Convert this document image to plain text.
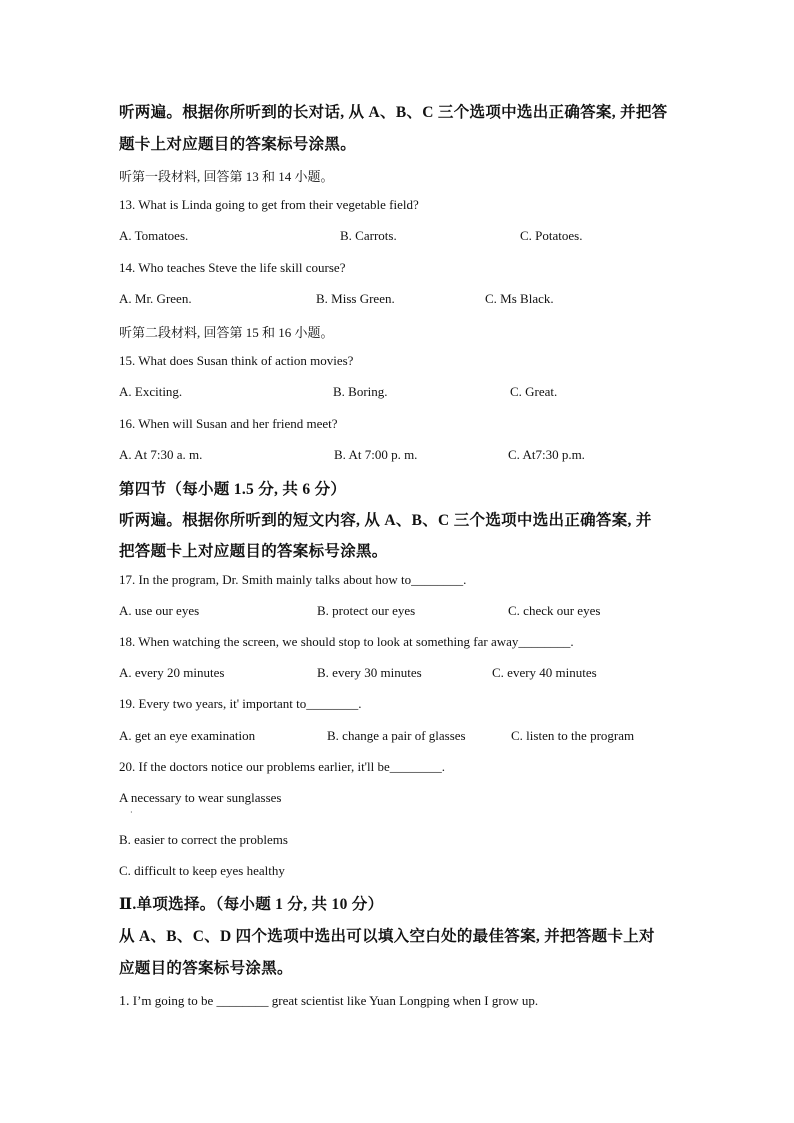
听两遍。根据你所听到的长对话, 从 A、B、C 三个选项中选出正确答案, 并把答
题卡上对应题目的答案标号涂黑。
听第一段材料, 回答第 13 和 14 小题。
13. What is Linda going to get from their vegetable field?
A. Tomatoes.	B. Carrots.	C. Potatoes.
14. Who teaches Steve the life skill course?
A. Mr. Green.	B. Miss Green.	C. Ms Black.
听第二段材料, 回答第 15 和 16 小题。
15. What does Susan think of action movies?
A. Exciting.	B. Boring.	C. Great.
16. When will Susan and her friend meet?
A. At 7:30 a. m.	B. At 7:00 p. m.	C. At7:30 p.m.
第四节（每小题 1.5 分, 共 6 分）
听两遍。根据你所听到的短文内容, 从 A、B、C 三个选项中选出正确答案, 并
把答题卡上对应题目的答案标号涂黑。
17. In the program, Dr. Smith mainly talks about how to________.
A. use our eyes	B. protect our eyes	C. check our eyes
18. When watching the screen, we should stop to look at something far away________.
A. every 20 minutes	B. every 30 minutes	C. every 40 minutes
19. Every two years, it' important to________.
A. get an eye examination	B. change a pair of glasses	C. listen to the program
20. If the doctors notice our problems earlier, it'll be________.
A necessary to wear sunglasses
·
B. easier to correct the problems
C. difficult to keep eyes healthy
Ⅱ.单项选择。（每小题 1 分, 共 10 分）
从 A、B、C、D 四个选项中选出可以填入空白处的最佳答案, 并把答题卡上对
应题目的答案标号涂黑。
1. I’m going to be ________ great scientist like Yuan Longping when I grow up.
